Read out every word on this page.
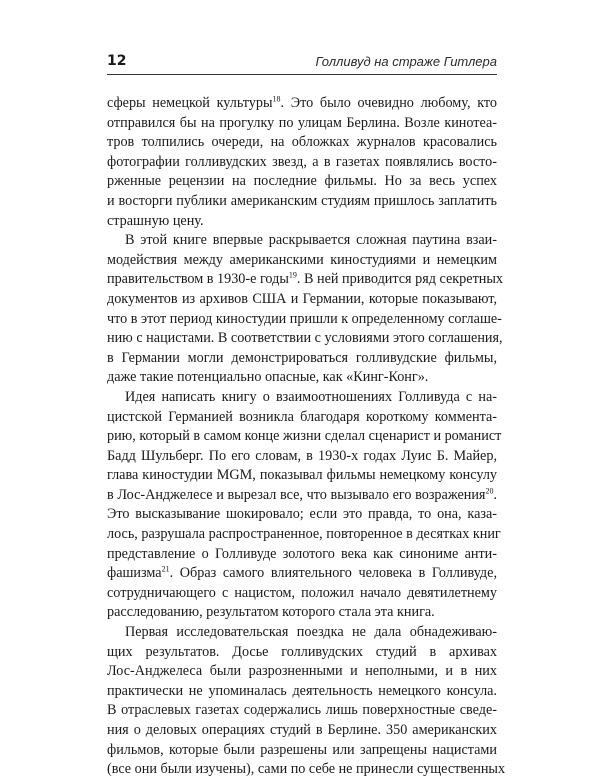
12	Голливуд на страже Гитлера
сферы немецкой культуры$^{18}$. Это было очевидно любому, кто
отправился бы на прогулку по улицам Берлина. Возле кинотеа-
тров толпились очереди, на обложках журналов красовались
фотографии голливудских звезд, а в газетах появлялись восто-
рженные рецензии на последние фильмы. Но за весь успех
и восторги публики американским студиям пришлось заплатить
страшную цену.
В этой книге впервые раскрывается сложная паутина взаи-
модействия между американскими киностудиями и немецким
правительством в 1930-е годы$^{19}$. В ней приводится ряд секретных
документов из архивов США и Германии, которые показывают,
что в этот период киностудии пришли к определенному соглашe-
нию с нацистами. В соответствии с условиями этого соглашения,
в Германии могли демонстрироваться голливудские фильмы,
даже такие потенциально опасные, как «Кинг-Конг».
Идея написать книгу о взаимоотношениях Голливуда с на-
цистской Германией возникла благодаря короткому коммента-
рию, который в самом конце жизни сделал сценарист и романист
Бадд Шульберг. По его словам, в 1930-х годах Луис Б. Майер,
глава киностудии MGM, показывал фильмы немецкому консулу
в Лос-Анджелесе и вырезал все, что вызывало его возражения$^{20}$.
Это высказывание шокировало; если это правда, то она, каза-
лось, разрушала распространенное, повторенное в десятках книг
представление о Голливуде золотого века как синониме анти-
фашизма$^{21}$. Образ самого влиятельного человека в Голливуде,
сотрудничающего с нацистом, положил начало девятилетнему
расследованию, результатом которого стала эта книга.
Первая исследовательская поездка не дала обнадеживаю-
щих результатов. Досье голливудских студий в архивах
Лос-Анджелеса были разрозненными и неполными, и в них
практически не упоминалась деятельность немецкого консула.
В отраслевых газетах содержались лишь поверхностные сведе-
ния о деловых операциях студий в Берлине. 350 американских
фильмов, которые были разрешены или запрещены нацистами
(все они были изучены), сами по себе не принесли существенных
